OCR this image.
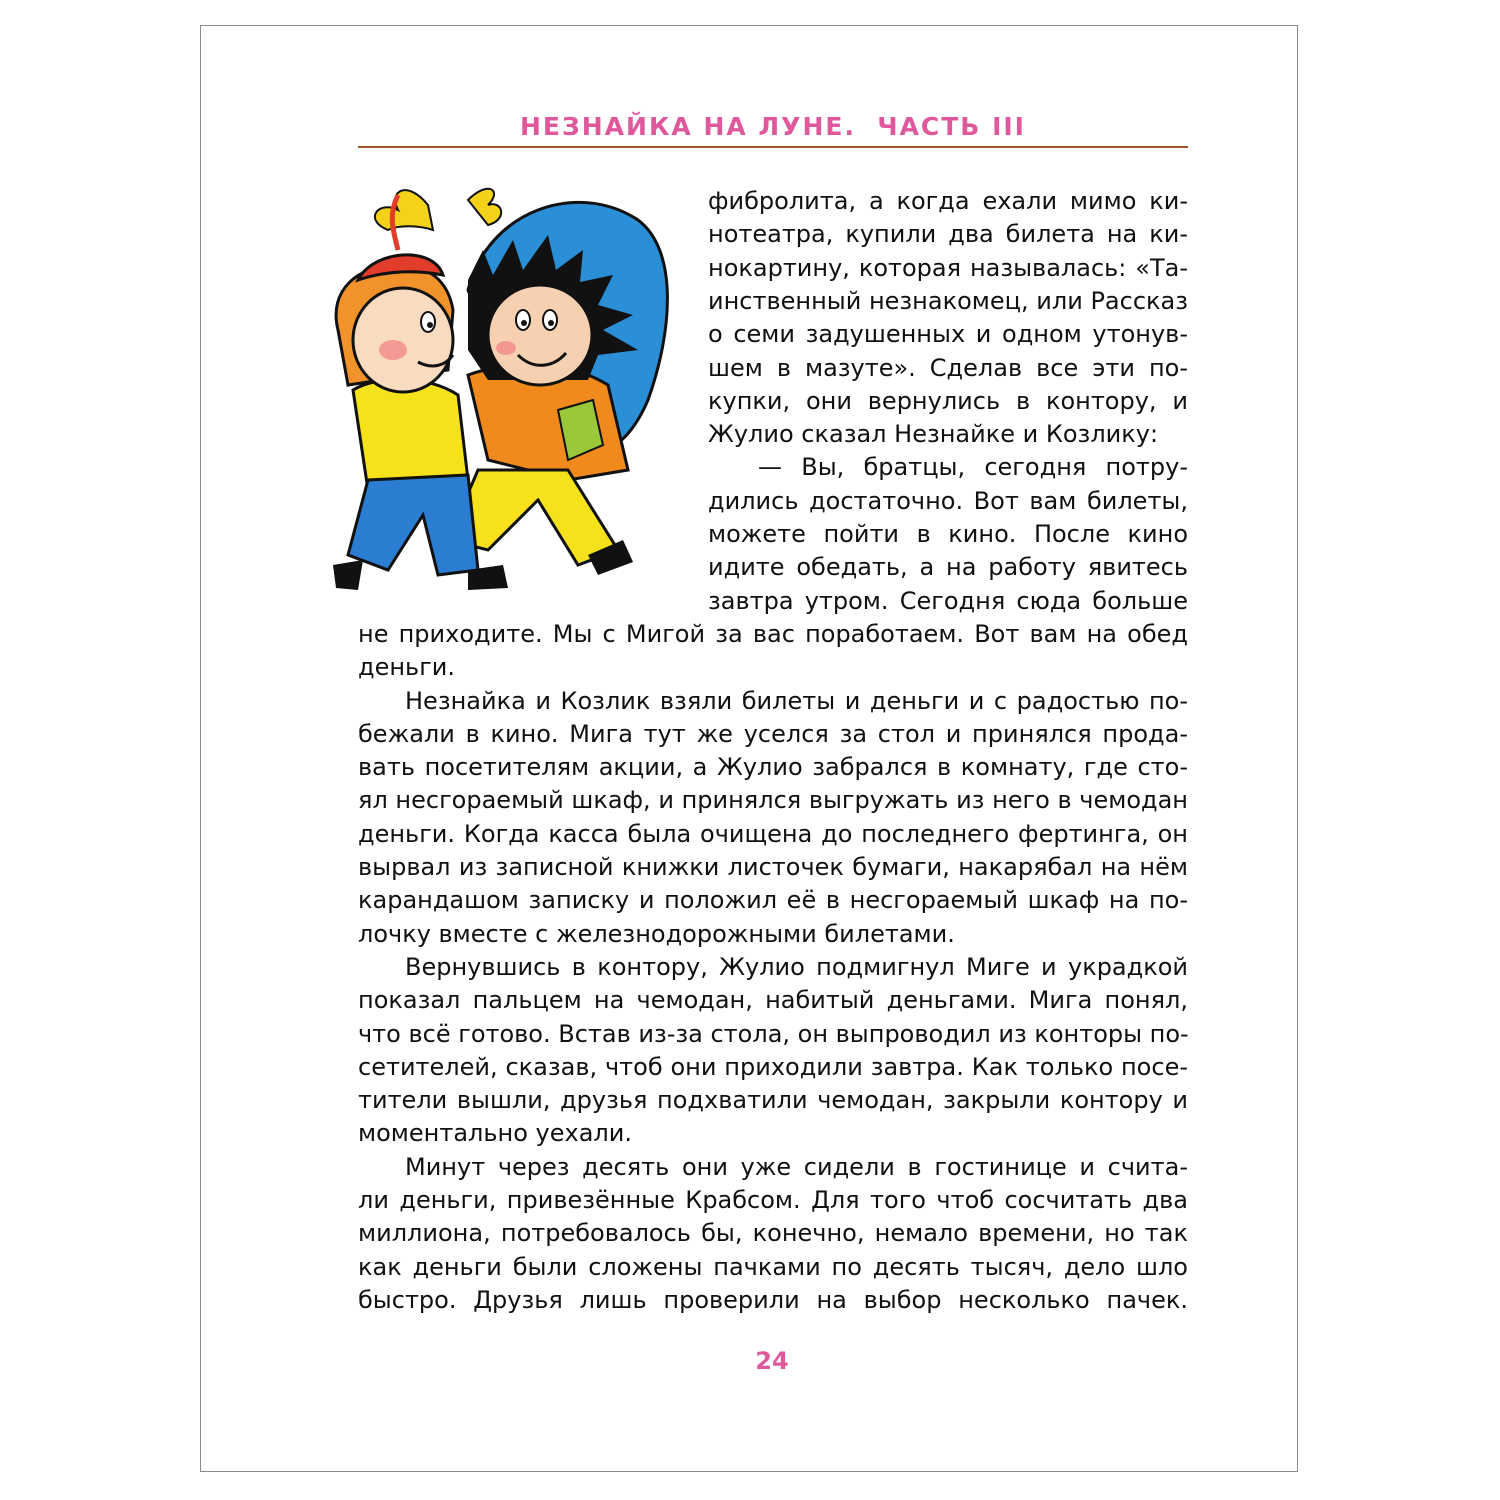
НЕЗНАЙКА НА ЛУНЕ.  ЧАСТЬ III
фибролита, а когда ехали мимо ки-
нотеатра, купили два билета на ки-
нокартину, которая называлась: «Та-
инственный незнакомец, или Рассказ
о семи задушенных и одном утонув-
шем в мазуте». Сделав все эти по-
купки, они вернулись в контору, и
Жулио сказал Незнайке и Козлику:
— Вы, братцы, сегодня потру-
дились достаточно. Вот вам билеты,
можете пойти в кино. После кино
идите обедать, а на работу явитесь
завтра утром. Сегодня сюда больше
не приходите. Мы с Мигой за вас поработаем. Вот вам на обед
деньги.
Незнайка и Козлик взяли билеты и деньги и с радостью по-
бежали в кино. Мига тут же уселся за стол и принялся прода-
вать посетителям акции, а Жулио забрался в комнату, где сто-
ял несгораемый шкаф, и принялся выгружать из него в чемодан
деньги. Когда касса была очищена до последнего фертинга, он
вырвал из записной книжки листочек бумаги, накарябал на нём
карандашом записку и положил её в несгораемый шкаф на по-
лочку вместе с железнодорожными билетами.
Вернувшись в контору, Жулио подмигнул Миге и украдкой
показал пальцем на чемодан, набитый деньгами. Мига понял,
что всё готово. Встав из-за стола, он выпроводил из конторы по-
сетителей, сказав, чтоб они приходили завтра. Как только посе-
тители вышли, друзья подхватили чемодан, закрыли контору и
моментально уехали.
Минут через десять они уже сидели в гостинице и счита-
ли деньги, привезённые Крабсом. Для того чтоб сосчитать два
миллиона, потребовалось бы, конечно, немало времени, но так
как деньги были сложены пачками по десять тысяч, дело шло
быстро. Друзья лишь проверили на выбор несколько пачек.
24
